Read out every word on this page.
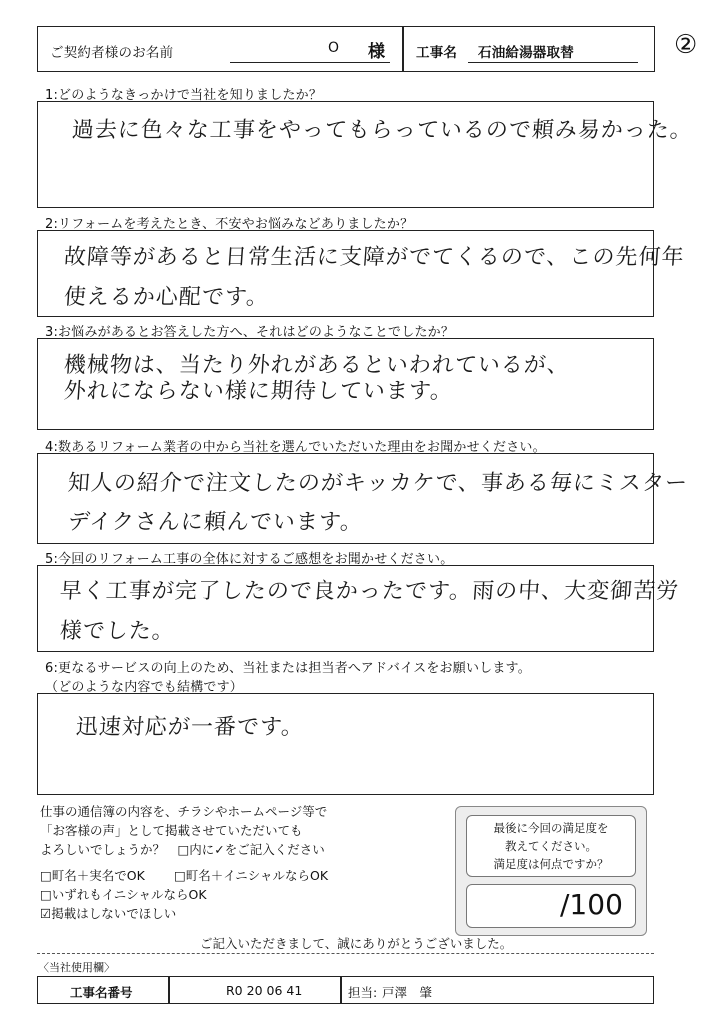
ご契約者様のお名前	O 様 工事名 石油給湯器取替	②
1:どのようなきっかけで当社を知りましたか？
過去に色々な工事をやってもらっているので頼み易かった。
2:リフォームを考えたとき、不安やお悩みなどありましたか？
故障等があると日常生活に支障がでてくるので、この先何年
使えるか心配です。
3:お悩みがあるとお答えした方へ、それはどのようなことでしたか？
機械物は、当たり外れがあるといわれているが、
外れにならない様に期待しています。
4:数あるリフォーム業者の中から当社を選んでいただいた理由をお聞かせください。
知人の紹介で注文したのがキッカケで、事ある毎にミスター
デイクさんに頼んでいます。
5:今回のリフォーム工事の全体に対するご感想をお聞かせください。
早く工事が完了したので良かったです。雨の中、大変御苦労
様でした。
6:更なるサービスの向上のため、当社または担当者へアドバイスをお願いします。
（どのような内容でも結構です）
迅速対応が一番です。
仕事の通信簿の内容を、チラシやホームページ等で
「お客様の声」として掲載させていただいても
よろしいでしょうか？　□内に✓をご記入ください
□町名＋実名でOK □町名＋イニシャルならOK
□いずれもイニシャルならOK
☑掲載はしないでほしい
最後に今回の満足度を
教えてください。
満足度は何点ですか？
/100
ご記入いただきまして、誠にありがとうございました。
〈当社使用欄〉
工事名番号	R0 20 06 41	担当: 戸澤　肇
